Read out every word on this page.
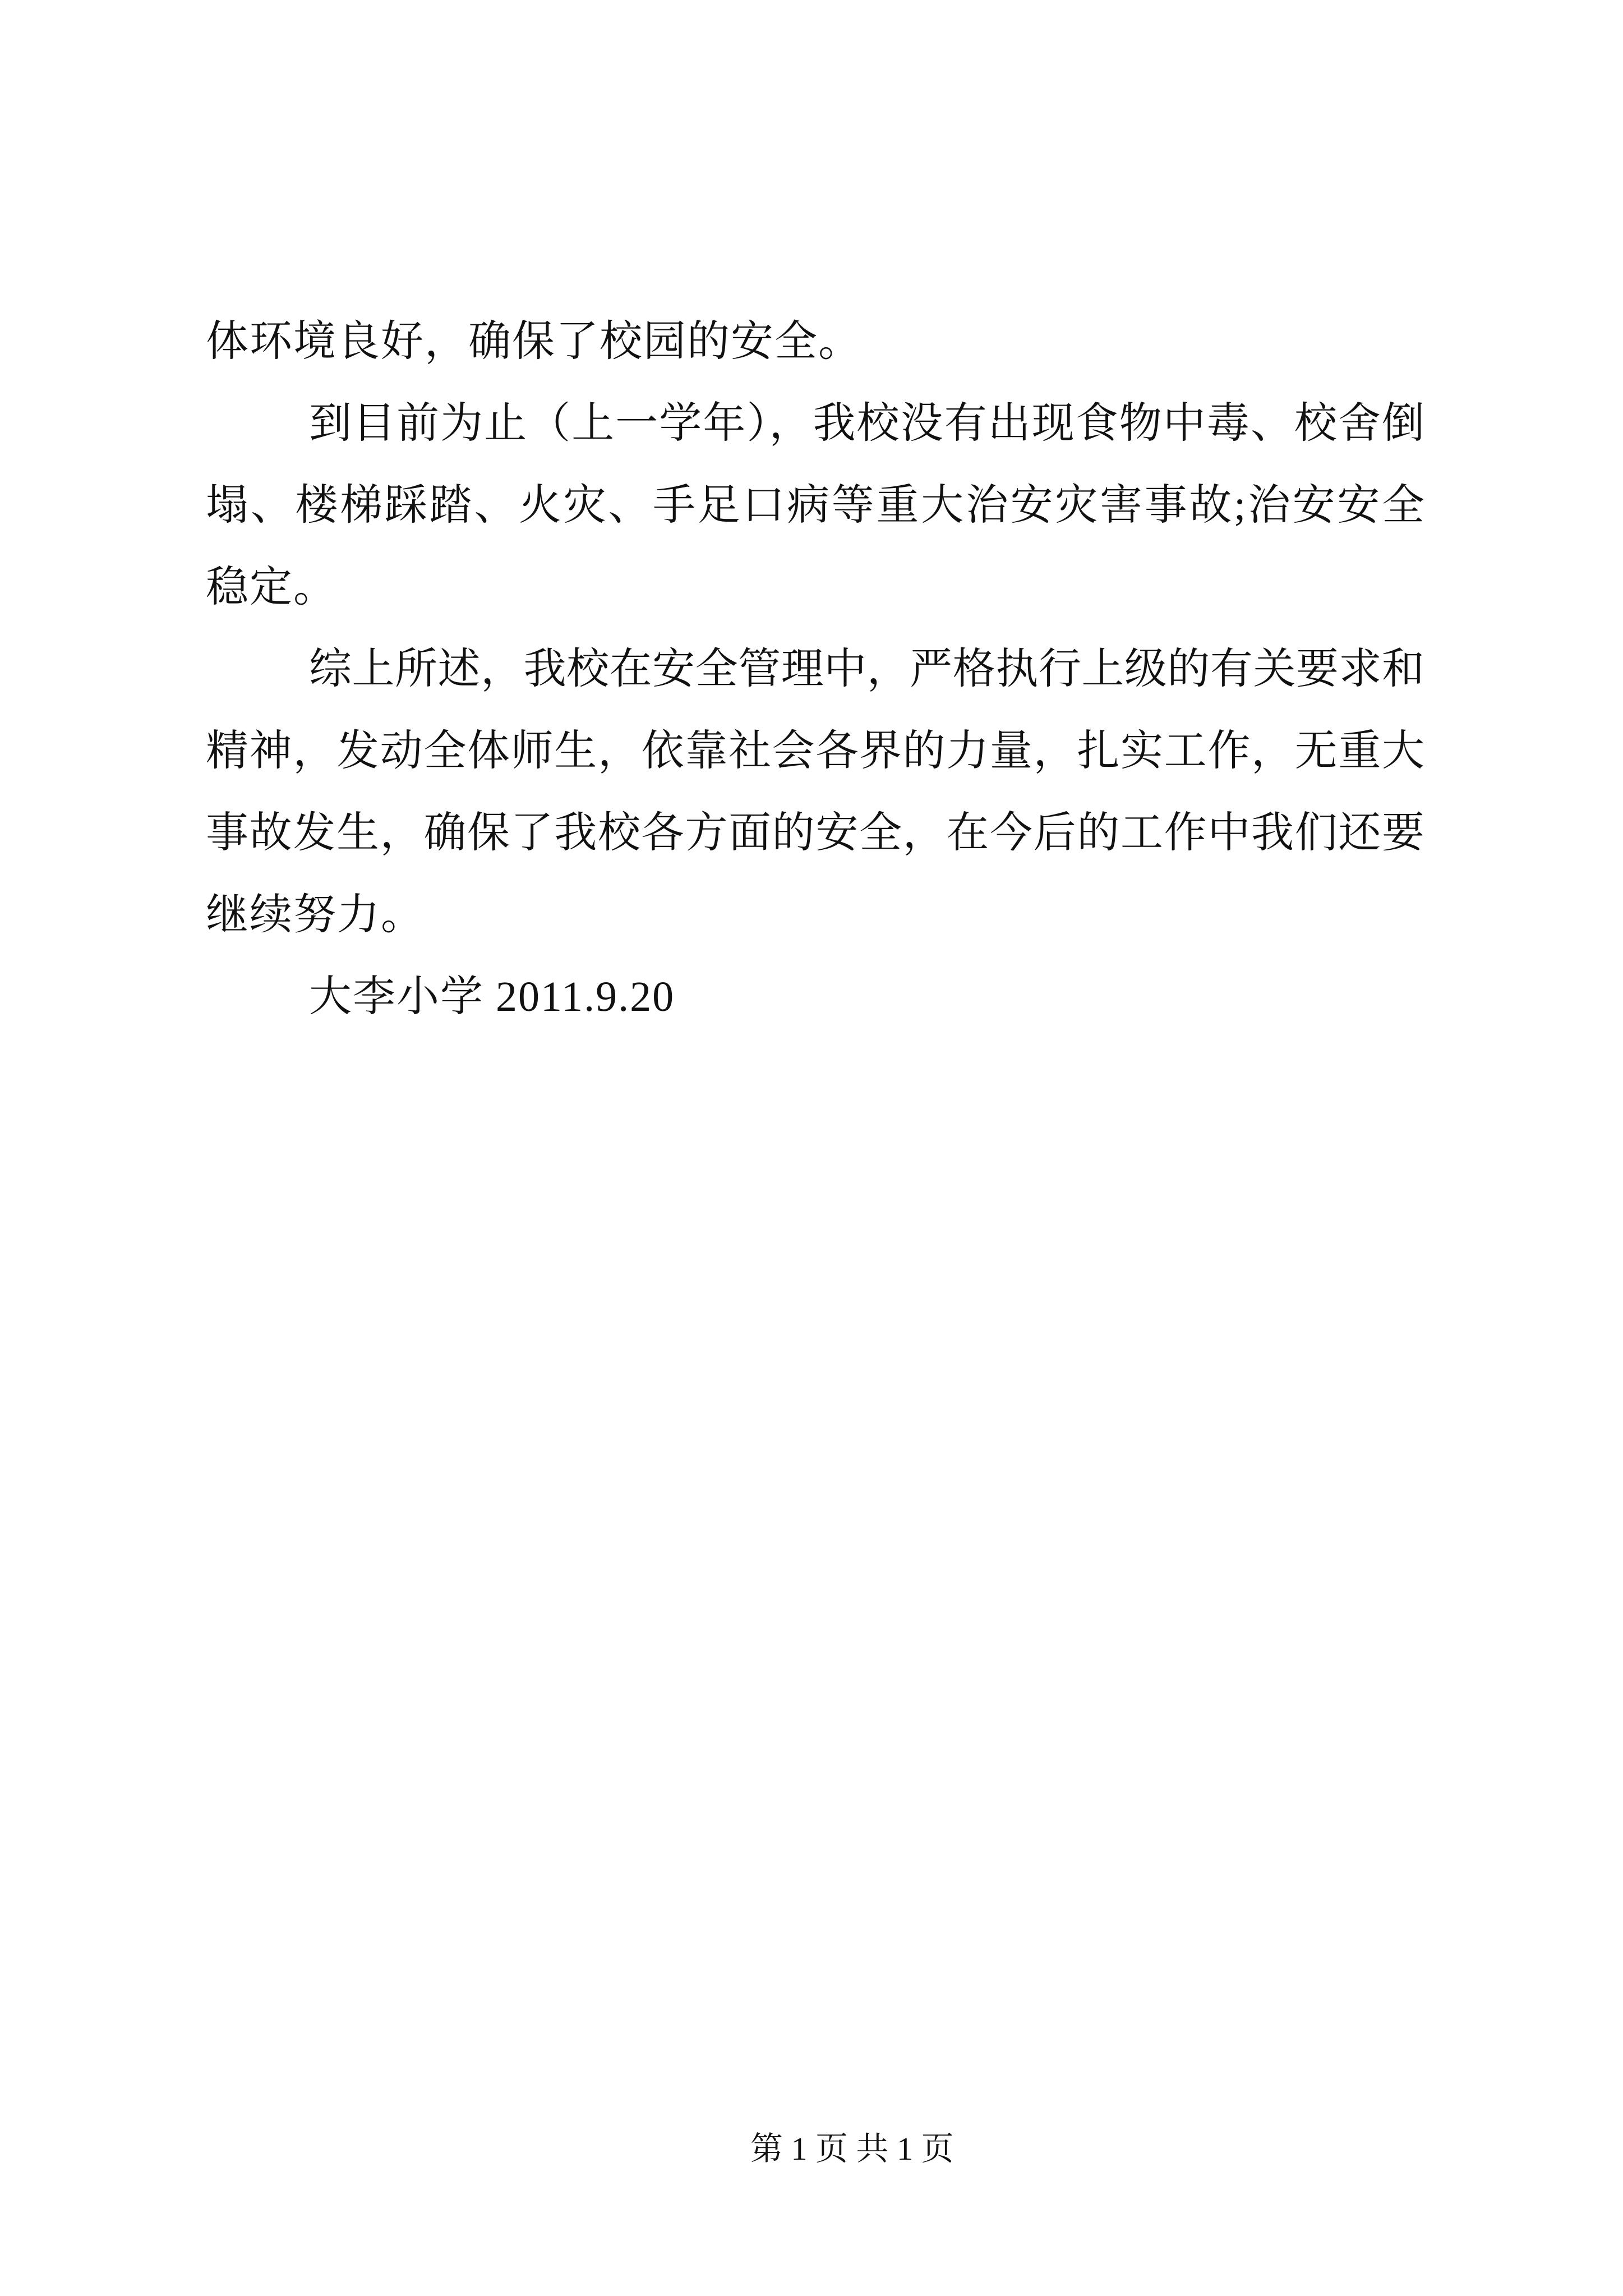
体环境良好，确保了校园的安全。
到目前为止（上一学年），我校没有出现食物中毒、校舍倒
塌、楼梯踩踏、火灾、手足口病等重大治安灾害事故;治安安全
稳定。
综上所述，我校在安全管理中，严格执行上级的有关要求和
精神，发动全体师生，依靠社会各界的力量，扎实工作，无重大
事故发生，确保了我校各方面的安全，在今后的工作中我们还要
继续努力。
大李小学 2011.9.20
第 1 页 共 1 页
